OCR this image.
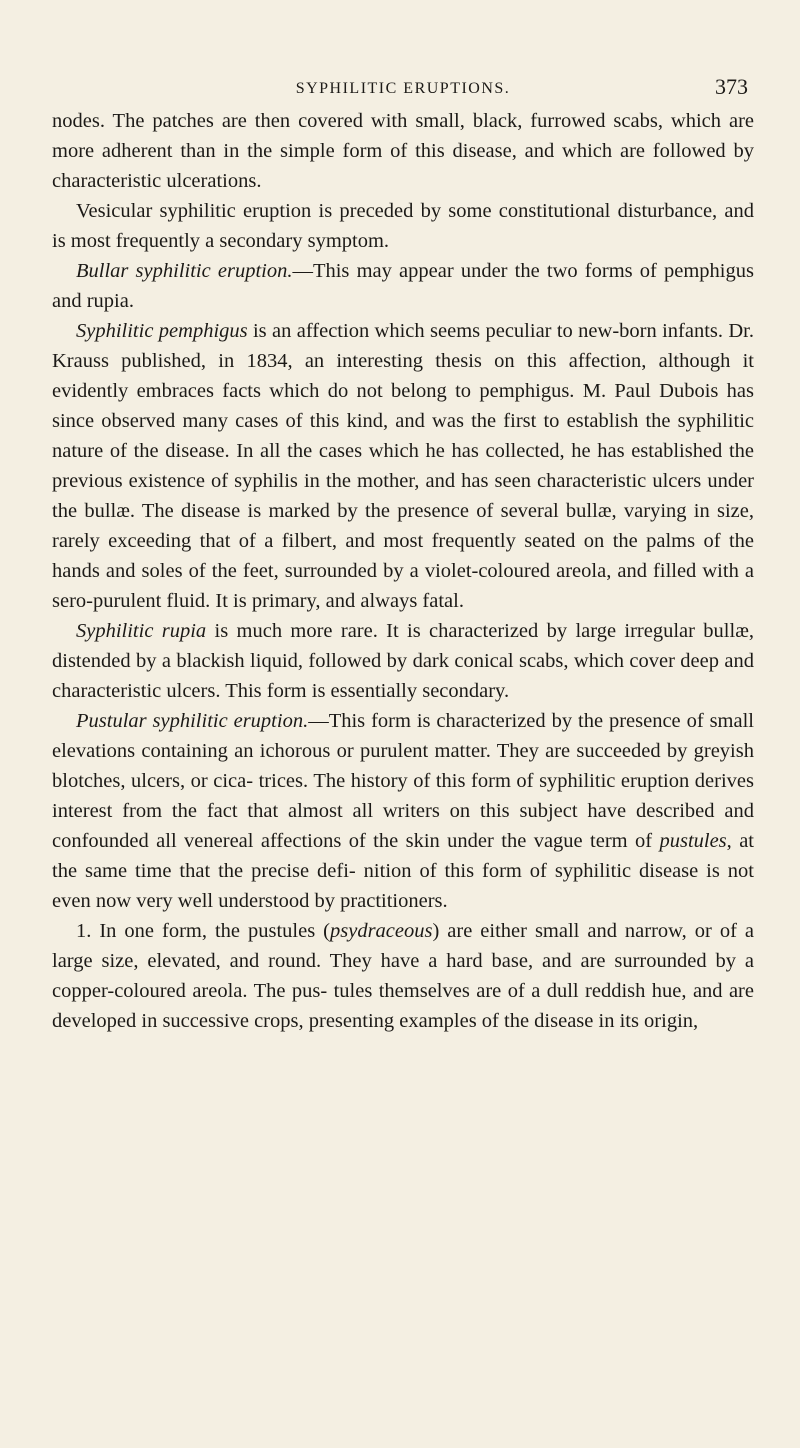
SYPHILITIC ERUPTIONS.	373

nodes. The patches are then covered with small, black, furrowed scabs, which are more adherent than in the simple form of this disease, and which are followed by characteristic ulcerations.

Vesicular syphilitic eruption is preceded by some constitutional disturbance, and is most frequently a secondary symptom.

Bullar syphilitic eruption.—This may appear under the two forms of pemphigus and rupia.

Syphilitic pemphigus is an affection which seems peculiar to new-born infants. Dr. Krauss published, in 1834, an interesting thesis on this affection, although it evidently embraces facts which do not belong to pemphigus. M. Paul Dubois has since observed many cases of this kind, and was the first to establish the syphilitic nature of the disease. In all the cases which he has collected, he has established the previous existence of syphilis in the mother, and has seen characteristic ulcers under the bullæ. The disease is marked by the presence of several bullæ, varying in size, rarely exceeding that of a filbert, and most frequently seated on the palms of the hands and soles of the feet, surrounded by a violet-coloured areola, and filled with a sero-purulent fluid. It is primary, and always fatal.

Syphilitic rupia is much more rare. It is characterized by large irregular bullæ, distended by a blackish liquid, followed by dark conical scabs, which cover deep and characteristic ulcers. This form is essentially secondary.

Pustular syphilitic eruption.—This form is characterized by the presence of small elevations containing an ichorous or purulent matter. They are succeeded by greyish blotches, ulcers, or cica- trices. The history of this form of syphilitic eruption derives interest from the fact that almost all writers on this subject have described and confounded all venereal affections of the skin under the vague term of pustules, at the same time that the precise defi- nition of this form of syphilitic disease is not even now very well understood by practitioners.

1. In one form, the pustules (psydraceous) are either small and narrow, or of a large size, elevated, and round. They have a hard base, and are surrounded by a copper-coloured areola. The pus- tules themselves are of a dull reddish hue, and are developed in successive crops, presenting examples of the disease in its origin,
